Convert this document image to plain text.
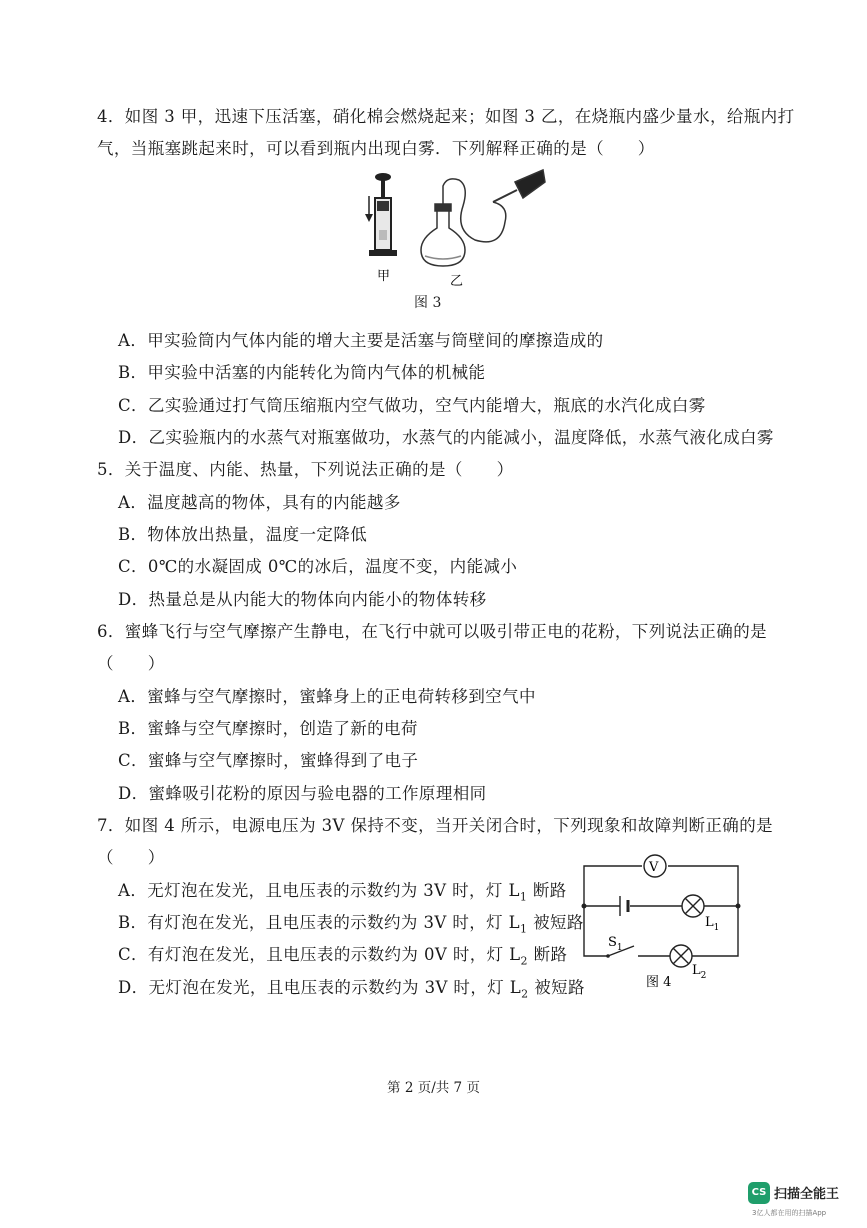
4．如图 3 甲，迅速下压活塞，硝化棉会燃烧起来；如图 3 乙，在烧瓶内盛少量水，给瓶内打
气，当瓶塞跳起来时，可以看到瓶内出现白雾．下列解释正确的是（　　）
甲	乙
图 3
A．甲实验筒内气体内能的增大主要是活塞与筒壁间的摩擦造成的
B．甲实验中活塞的内能转化为筒内气体的机械能
C．乙实验通过打气筒压缩瓶内空气做功，空气内能增大，瓶底的水汽化成白雾
D．乙实验瓶内的水蒸气对瓶塞做功，水蒸气的内能减小，温度降低，水蒸气液化成白雾
5．关于温度、内能、热量，下列说法正确的是（　　）
A．温度越高的物体，具有的内能越多
B．物体放出热量，温度一定降低
C．0℃的水凝固成 0℃的冰后，温度不变，内能减小
D．热量总是从内能大的物体向内能小的物体转移
6．蜜蜂飞行与空气摩擦产生静电，在飞行中就可以吸引带正电的花粉，下列说法正确的是
（　　）
A．蜜蜂与空气摩擦时，蜜蜂身上的正电荷转移到空气中
B．蜜蜂与空气摩擦时，创造了新的电荷
C．蜜蜂与空气摩擦时，蜜蜂得到了电子
D．蜜蜂吸引花粉的原因与验电器的工作原理相同
7．如图 4 所示，电源电压为 3V 保持不变，当开关闭合时，下列现象和故障判断正确的是
（　　）
A．无灯泡在发光，且电压表的示数约为 3V 时，灯 $L_1$ 断路
B．有灯泡在发光，且电压表的示数约为 3V 时，灯 $L_1$ 被短路
C．有灯泡在发光，且电压表的示数约为 0V 时，灯 $L_2$ 断路
D．无灯泡在发光，且电压表的示数约为 3V 时，灯 $L_2$ 被短路
V
$L_1$
$S_1$
$L_2$
图 4
第 2 页/共 7 页
CS 扫描全能王
3亿人都在用的扫描App
